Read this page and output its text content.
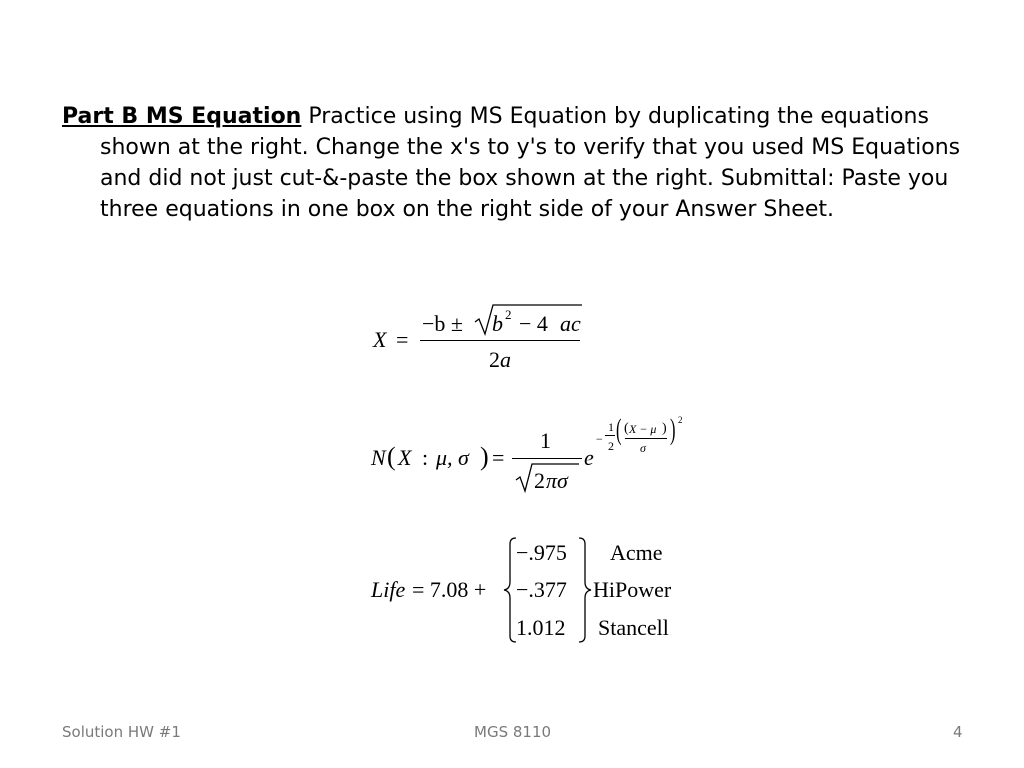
Part B MS Equation Practice using MS Equation by duplicating the equations shown at the right. Change the x's to y's to verify that you used MS Equations and did not just cut-&-paste the box shown at the right. Submittal: Paste you three equations in one box on the right side of your Answer Sheet.
X =
−b ± b 2 − 4 ac
2 a
N ( X : μ, σ ) =
1
2 πσ
e
−
1
2 ( ( X − μ )
σ
) 2
Life = 7.08 +
−.975
−.377
1.012
Acme
HiPower
Stancell
Solution HW #1	MGS 8110	4
